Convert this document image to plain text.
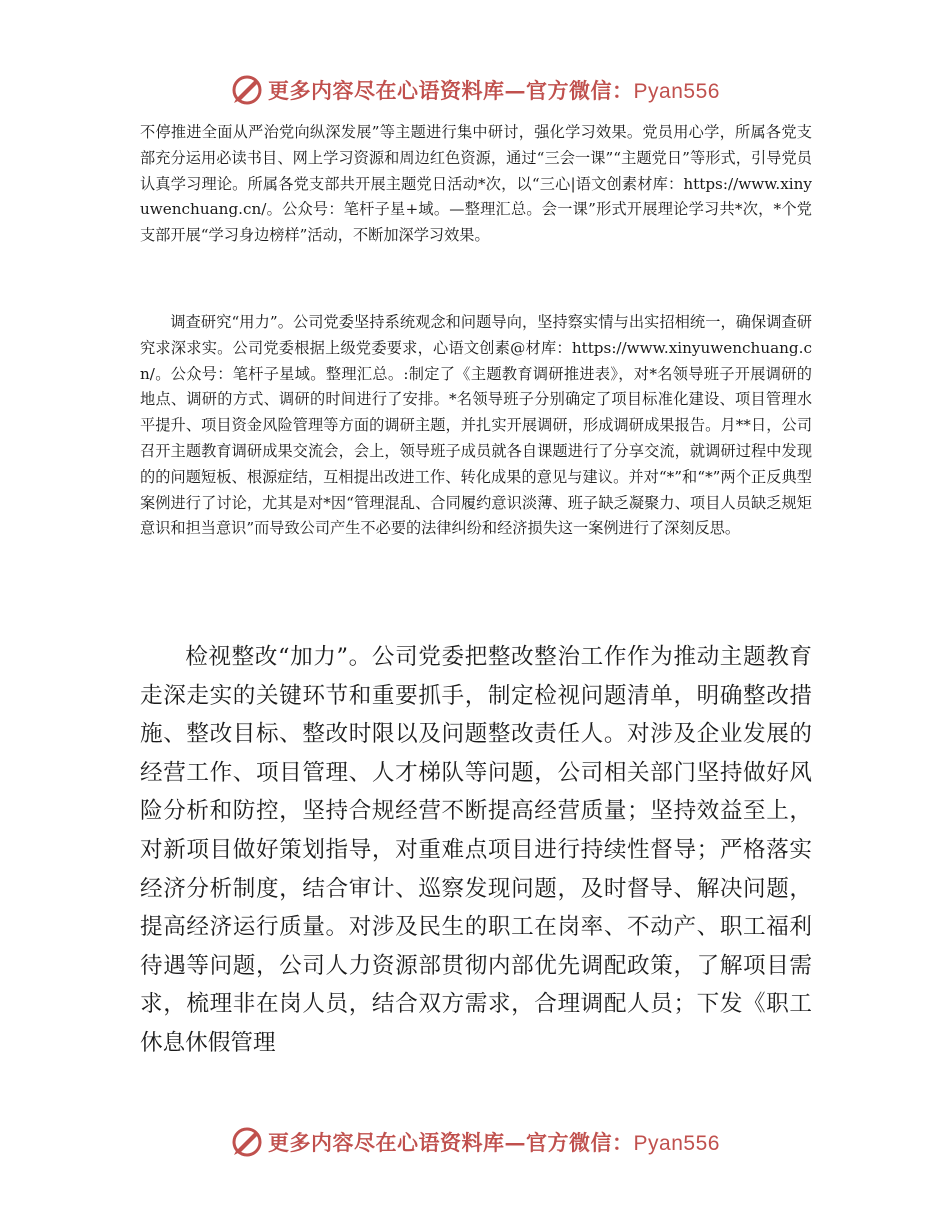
更多内容尽在心语资料库—官方微信：Pyan556

不停推进全面从严治党向纵深发展”等主题进行集中研讨，强化学习效果。党员用心学，所属各党支部充分运用必读书目、网上学习资源和周边红色资源，通过“三会一课”“主题党日”等形式，引导党员认真学习理论。所属各党支部共开展主题党日活动*次，以“三心|语文创素材库：https://www.xinyuwenchuang.cn/。公众号：笔杆子星+域。—整理汇总。会一课”形式开展理论学习共*次，*个党支部开展“学习身边榜样”活动，不断加深学习效果。

调查研究“用力”。公司党委坚持系统观念和问题导向，坚持察实情与出实招相统一，确保调查研究求深求实。公司党委根据上级党委要求，心语文创素@材库：https://www.xinyuwenchuang.cn/。公众号：笔杆子星域。整理汇总。:制定了《主题教育调研推进表》，对*名领导班子开展调研的地点、调研的方式、调研的时间进行了安排。*名领导班子分别确定了项目标准化建设、项目管理水平提升、项目资金风险管理等方面的调研主题，并扎实开展调研，形成调研成果报告。月**日，公司召开主题教育调研成果交流会，会上，领导班子成员就各自课题进行了分享交流，就调研过程中发现的的问题短板、根源症结，互相提出改进工作、转化成果的意见与建议。并对“*”和“*”两个正反典型案例进行了讨论，尤其是对*因“管理混乱、合同履约意识淡薄、班子缺乏凝聚力、项目人员缺乏规矩意识和担当意识”而导致公司产生不必要的法律纠纷和经济损失这一案例进行了深刻反思。

检视整改“加力”。公司党委把整改整治工作作为推动主题教育走深走实的关键环节和重要抓手，制定检视问题清单，明确整改措施、整改目标、整改时限以及问题整改责任人。对涉及企业发展的经营工作、项目管理、人才梯队等问题，公司相关部门坚持做好风险分析和防控，坚持合规经营不断提高经营质量；坚持效益至上，对新项目做好策划指导，对重难点项目进行持续性督导；严格落实经济分析制度，结合审计、巡察发现问题，及时督导、解决问题，提高经济运行质量。对涉及民生的职工在岗率、不动产、职工福利待遇等问题，公司人力资源部贯彻内部优先调配政策，了解项目需求，梳理非在岗人员，结合双方需求，合理调配人员；下发《职工休息休假管理

更多内容尽在心语资料库—官方微信：Pyan556
